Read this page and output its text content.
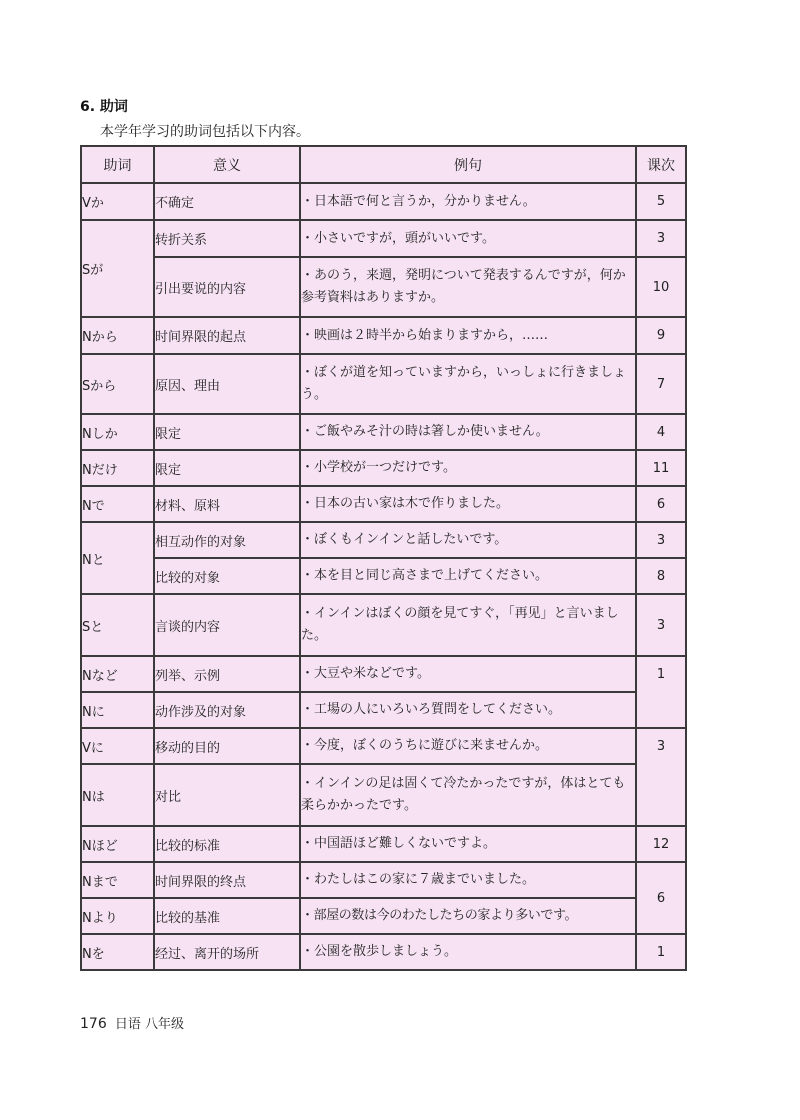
6. 助词
本学年学习的助词包括以下内容。
助词	意义	例句	课次
Vか	不确定	・日本語で何と言うか，分かりません。	5
Sが	转折关系	・小さいですが，頭がいいです。	3
	引出要说的内容	・あのう，来週，発明について発表するんですが，何か参考資料はありますか。	10
Nから	时间界限的起点	・映画は２時半から始まりますから，……	9
Sから	原因、理由	・ぼくが道を知っていますから，いっしょに行きましょう。	7
Nしか	限定	・ご飯やみそ汁の時は箸しか使いません。	4
Nだけ	限定	・小学校が一つだけです。	11
Nで	材料、原料	・日本の古い家は木で作りました。	6
Nと	相互动作的对象	・ぼくもインインと話したいです。	3
	比较的对象	・本を目と同じ高さまで上げてください。	8
Sと	言谈的内容	・インインはぼくの顔を見てすぐ，「再见」と言いました。	3
Nなど	列举、示例	・大豆や米などです。	1
Nに	动作涉及的对象	・工場の人にいろいろ質問をしてください。	
Vに	移动的目的	・今度，ぼくのうちに遊びに来ませんか。	3
Nは	对比	・インインの足は固くて冷たかったですが，体はとても柔らかかったです。	
Nほど	比较的标准	・中国語ほど難しくないですよ。	12
Nまで	时间界限的终点	・わたしはこの家に７歳までいました。	6
Nより	比较的基准	・部屋の数は今のわたしたちの家より多いです。	
Nを	经过、离开的场所	・公園を散歩しましょう。	1
176 日语 八年级
